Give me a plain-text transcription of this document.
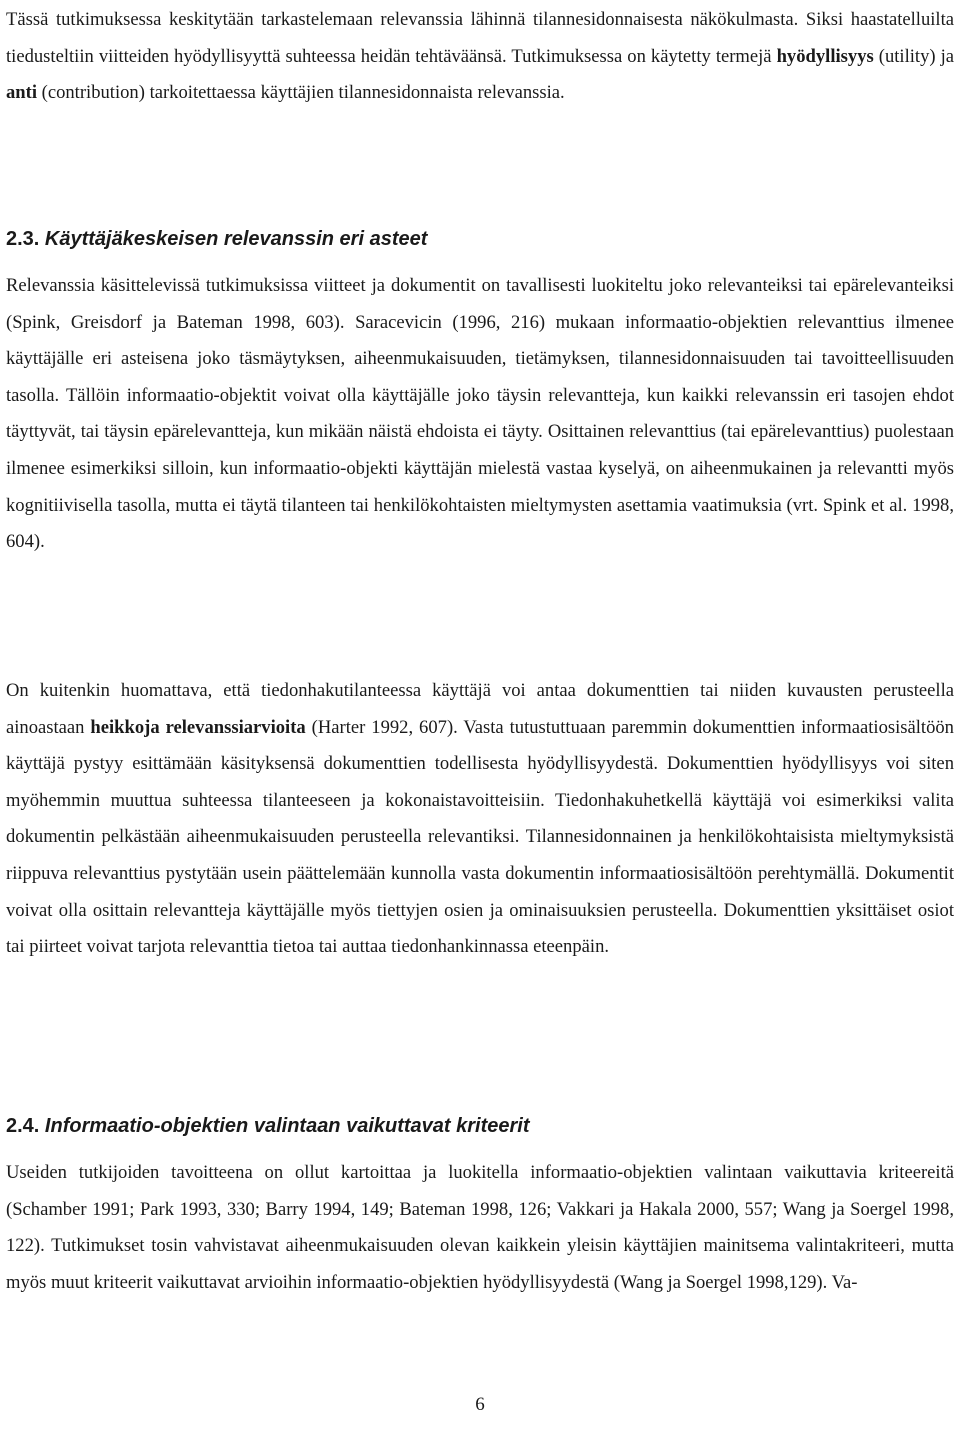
Tässä tutkimuksessa keskitytään tarkastelemaan relevanssia lähinnä tilannesidonnaisesta näkökulmasta. Siksi haastatelluilta tiedusteltiin viitteiden hyödyllisyyttä suhteessa heidän tehtäväänsä. Tutkimuksessa on käytetty termejä hyödyllisyys (utility) ja anti (contribution) tarkoitettaessa käyttäjien tilannesidonnaista relevanssia.

2.3. Käyttäjäkeskeisen relevanssin eri asteet

Relevanssia käsittelevissä tutkimuksissa viitteet ja dokumentit on tavallisesti luokiteltu joko relevanteiksi tai epärelevanteiksi (Spink, Greisdorf ja Bateman 1998, 603). Saracevicin (1996, 216) mukaan informaatio-objektien relevanttius ilmenee käyttäjälle eri asteisena joko täsmäytyksen, aiheenmukaisuuden, tietämyksen, tilannesidonnaisuuden tai tavoitteellisuuden tasolla. Tällöin informaatio-objektit voivat olla käyttäjälle joko täysin relevantteja, kun kaikki relevanssin eri tasojen ehdot täyttyvät, tai täysin epärelevantteja, kun mikään näistä ehdoista ei täyty. Osittainen relevanttius (tai epärelevanttius) puolestaan ilmenee esimerkiksi silloin, kun informaatio-objekti käyttäjän mielestä vastaa kyselyä, on aiheenmukainen ja relevantti myös kognitiivisella tasolla, mutta ei täytä tilanteen tai henkilökohtaisten mieltymysten asettamia vaatimuksia (vrt. Spink et al. 1998, 604).

On kuitenkin huomattava, että tiedonhakutilanteessa käyttäjä voi antaa dokumenttien tai niiden kuvausten perusteella ainoastaan heikkoja relevanssiarvioita (Harter 1992, 607). Vasta tutustuttuaan paremmin dokumenttien informaatiosisältöön käyttäjä pystyy esittämään käsityksensä dokumenttien todellisesta hyödyllisyydestä. Dokumenttien hyödyllisyys voi siten myöhemmin muuttua suhteessa tilanteeseen ja kokonaistavoitteisiin. Tiedonhakuhetkellä käyttäjä voi esimerkiksi valita dokumentin pelkästään aiheenmukaisuuden perusteella relevantiksi. Tilannesidonnainen ja henkilökohtaisista mieltymyksistä riippuva relevanttius pystytään usein päättelemään kunnolla vasta dokumentin informaatiosisältöön perehtymällä. Dokumentit voivat olla osittain relevantteja käyttäjälle myös tiettyjen osien ja ominaisuuksien perusteella. Dokumenttien yksittäiset osiot tai piirteet voivat tarjota relevanttia tietoa tai auttaa tiedonhankinnassa eteenpäin.

2.4. Informaatio-objektien valintaan vaikuttavat kriteerit

Useiden tutkijoiden tavoitteena on ollut kartoittaa ja luokitella informaatio-objektien valintaan vaikuttavia kriteereitä (Schamber 1991; Park 1993, 330; Barry 1994, 149; Bateman 1998, 126; Vakkari ja Hakala 2000, 557; Wang ja Soergel 1998, 122). Tutkimukset tosin vahvistavat aiheenmukaisuuden olevan kaikkein yleisin käyttäjien mainitsema valintakriteeri, mutta myös muut kriteerit vaikuttavat arvioihin informaatio-objektien hyödyllisyydestä (Wang ja Soergel 1998,129). Va-

6
